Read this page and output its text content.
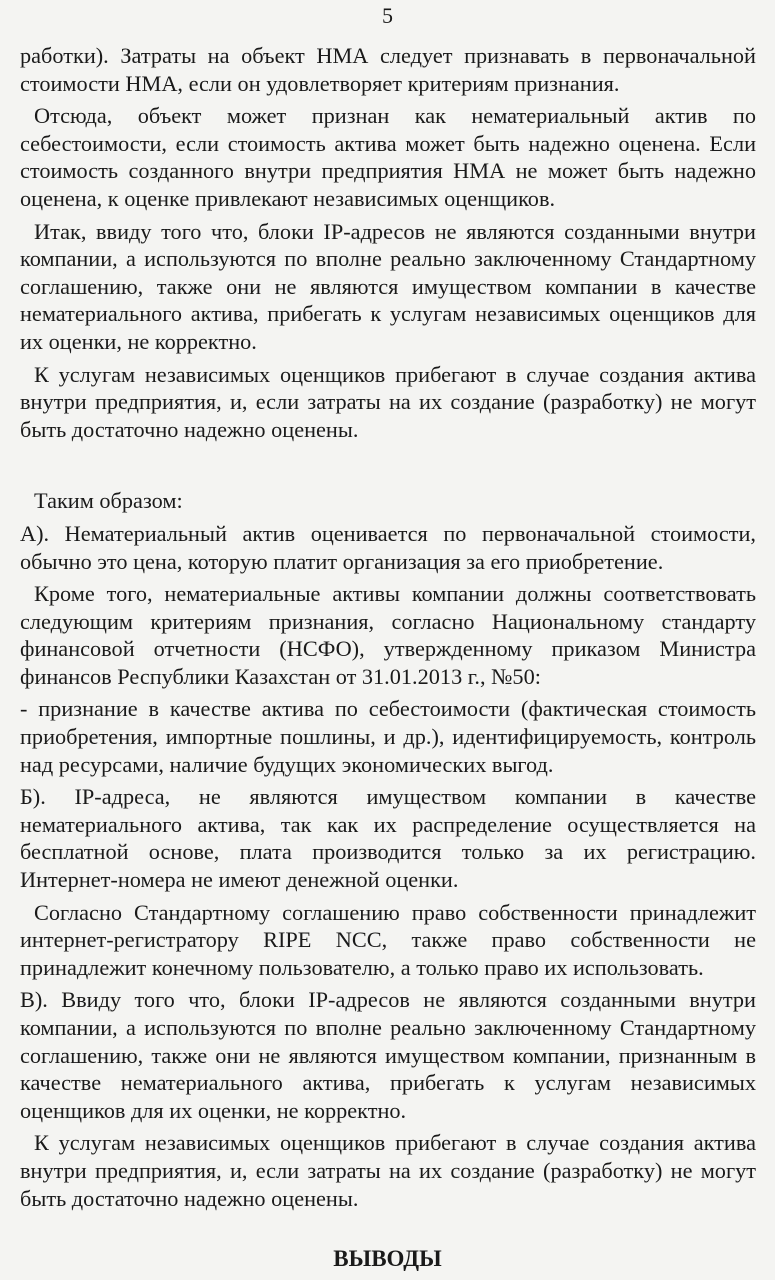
5

работки). Затраты на объект НМА следует признавать в первоначальной стоимости НМА, если он удовлетворяет критериям признания.

Отсюда, объект может признан как нематериальный актив по себестоимости, если стоимость актива может быть надежно оценена. Если стоимость созданного внутри предприятия НМА не может быть надежно оценена, к оценке привлекают независимых оценщиков.

Итак, ввиду того что, блоки IP-адресов не являются созданными внутри компании, а используются по вполне реально заключенному Стандартному соглашению, также они не являются имуществом компании в качестве нематериального актива, прибегать к услугам независимых оценщиков для их оценки, не корректно.

К услугам независимых оценщиков прибегают в случае создания актива внутри предприятия, и, если затраты на их создание (разработку) не могут быть достаточно надежно оценены.

Таким образом:

А). Нематериальный актив оценивается по первоначальной стоимости, обычно это цена, которую платит организация за его приобретение.

Кроме того, нематериальные активы компании должны соответствовать следующим критериям признания, согласно Национальному стандарту финансовой отчетности (НСФО), утвержденному приказом Министра финансов Республики Казахстан от 31.01.2013 г., №50:

- признание в качестве актива по себестоимости (фактическая стоимость приобретения, импортные пошлины, и др.), идентифицируемость, контроль над ресурсами, наличие будущих экономических выгод.

Б). IP-адреса, не являются имуществом компании в качестве нематериального актива, так как их распределение осуществляется на бесплатной основе, плата производится только за их регистрацию. Интернет-номера не имеют денежной оценки.

Согласно Стандартному соглашению право собственности принадлежит интернет-регистратору RIPE NCC, также право собственности не принадлежит конечному пользователю, а только право их использовать.

В). Ввиду того что, блоки IP-адресов не являются созданными внутри компании, а используются по вполне реально заключенному Стандартному соглашению, также они не являются имуществом компании, признанным в качестве нематериального актива, прибегать к услугам независимых оценщиков для их оценки, не корректно.

К услугам независимых оценщиков прибегают в случае создания актива внутри предприятия, и, если затраты на их создание (разработку) не могут быть достаточно надежно оценены.

ВЫВОДЫ
